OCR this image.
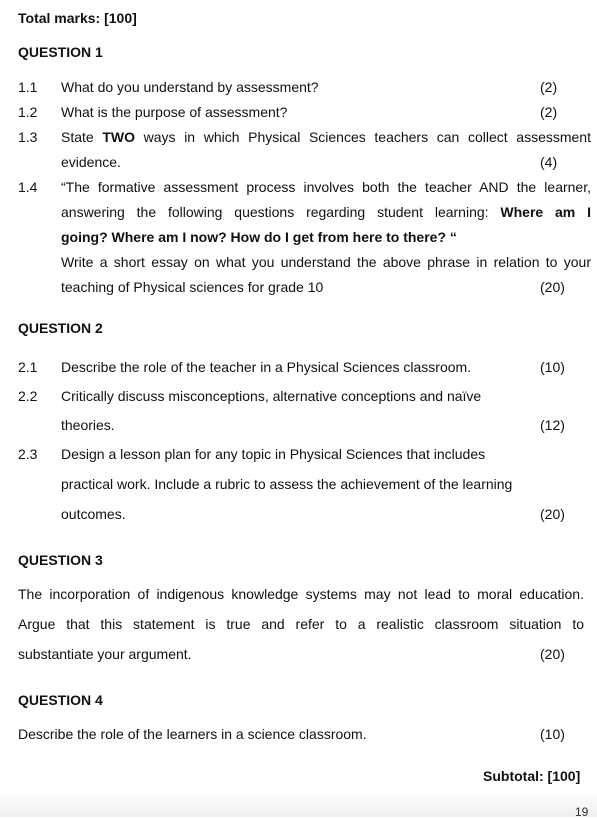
Total marks: [100]
QUESTION 1
1.1 What do you understand by assessment?	(2)
1.2 What is the purpose of assessment?	(2)
1.3 State TWO ways in which Physical Sciences teachers can collect assessment
evidence.	(4)
1.4 “The formative assessment process involves both the teacher AND the learner,
answering the following questions regarding student learning: Where am I
going? Where am I now? How do I get from here to there? “
Write a short essay on what you understand the above phrase in relation to your
teaching of Physical sciences for grade 10	(20)
QUESTION 2
2.1 Describe the role of the teacher in a Physical Sciences classroom.	(10)
2.2 Critically discuss misconceptions, alternative conceptions and naïve
theories.	(12)
2.3 Design a lesson plan for any topic in Physical Sciences that includes
practical work. Include a rubric to assess the achievement of the learning
outcomes.	(20)
QUESTION 3
The incorporation of indigenous knowledge systems may not lead to moral education.
Argue that this statement is true and refer to a realistic classroom situation to
substantiate your argument.	(20)
QUESTION 4
Describe the role of the learners in a science classroom.	(10)
Subtotal: [100]
19
